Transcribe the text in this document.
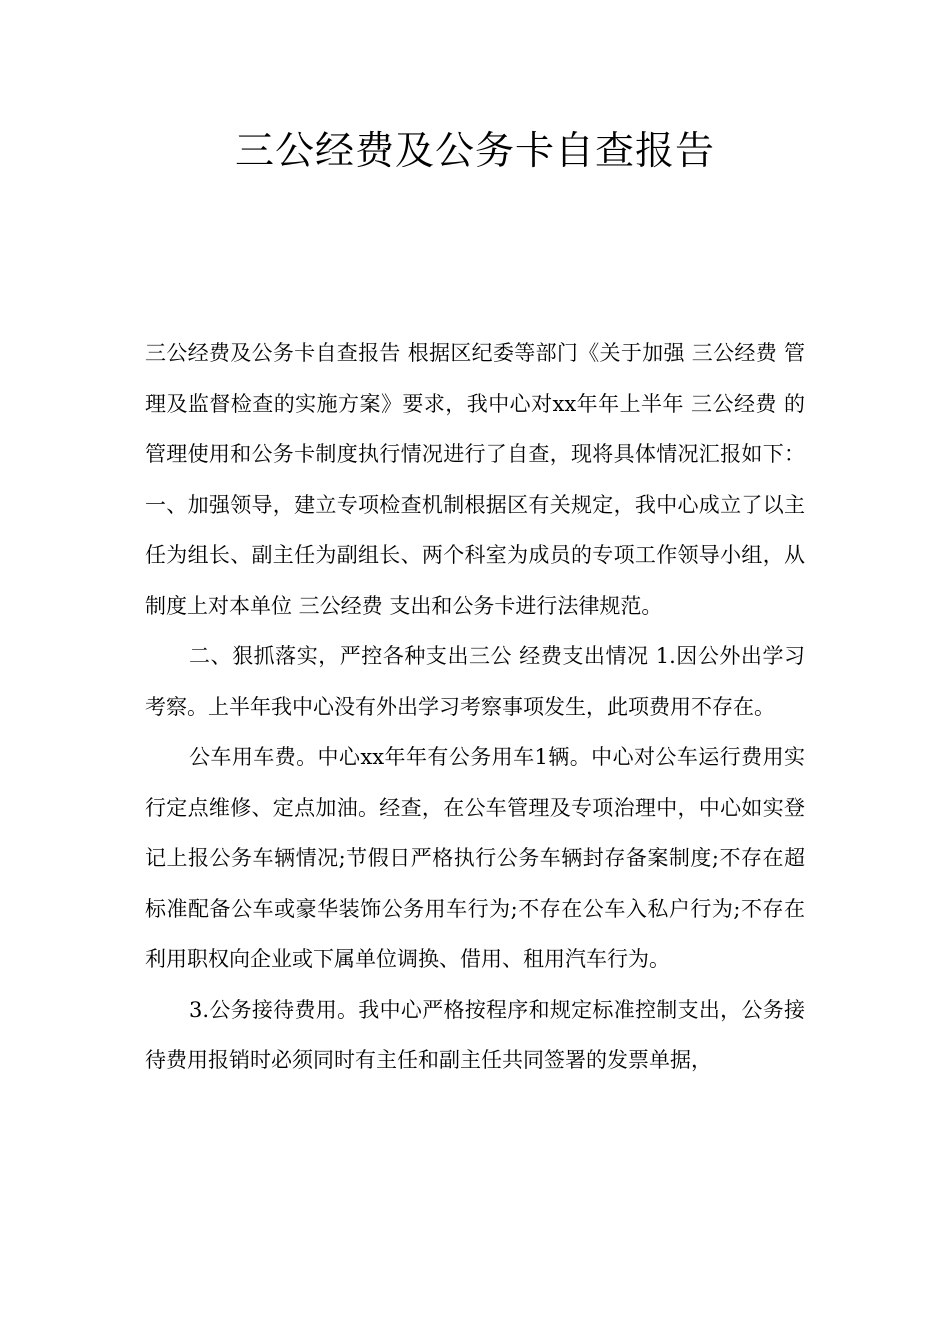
三公经费及公务卡自查报告

三公经费及公务卡自查报告 根据区纪委等部门《关于加强 三公经费 管理及监督检查的实施方案》要求，我中心对xx年年上半年 三公经费 的管理使用和公务卡制度执行情况进行了自查，现将具体情况汇报如下：一、加强领导，建立专项检查机制根据区有关规定，我中心成立了以主任为组长、副主任为副组长、两个科室为成员的专项工作领导小组，从制度上对本单位 三公经费 支出和公务卡进行法律规范。

二、狠抓落实，严控各种支出三公 经费支出情况 1.因公外出学习考察。上半年我中心没有外出学习考察事项发生，此项费用不存在。

公车用车费。中心xx年年有公务用车1辆。中心对公车运行费用实行定点维修、定点加油。经查，在公车管理及专项治理中，中心如实登记上报公务车辆情况;节假日严格执行公务车辆封存备案制度;不存在超标准配备公车或豪华装饰公务用车行为;不存在公车入私户行为;不存在利用职权向企业或下属单位调换、借用、租用汽车行为。

3.公务接待费用。我中心严格按程序和规定标准控制支出，公务接待费用报销时必须同时有主任和副主任共同签署的发票单据，
